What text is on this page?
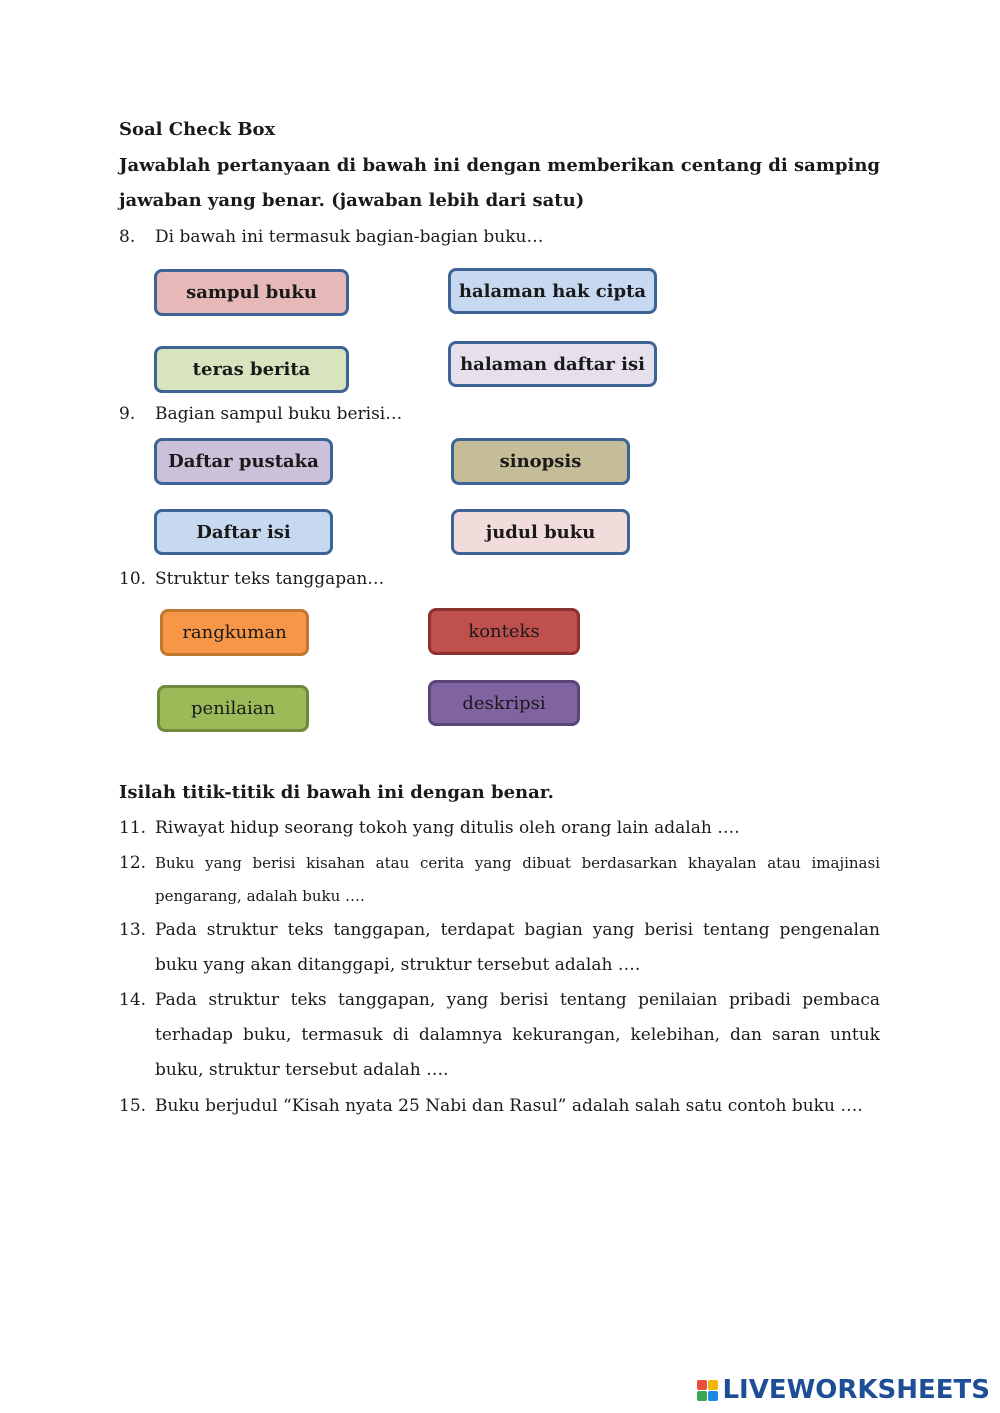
Soal Check Box
Jawablah pertanyaan di bawah ini dengan memberikan centang di samping jawaban yang benar. (jawaban lebih dari satu)
8. Di bawah ini termasuk bagian-bagian buku…
sampul buku	halaman hak cipta
teras berita	halaman daftar isi
9. Bagian sampul buku berisi…
Daftar pustaka	sinopsis
Daftar isi	judul buku
10. Struktur teks tanggapan…
rangkuman	konteks
penilaian	deskripsi
Isilah titik-titik di bawah ini dengan benar.
11. Riwayat hidup seorang tokoh yang ditulis oleh orang lain adalah ….
12. Buku yang berisi kisahan atau cerita yang dibuat berdasarkan khayalan atau imajinasi pengarang, adalah buku ….
13. Pada struktur teks tanggapan, terdapat bagian yang berisi tentang pengenalan buku yang akan ditanggapi, struktur tersebut adalah ….
14. Pada struktur teks tanggapan, yang berisi tentang penilaian pribadi pembaca terhadap buku, termasuk di dalamnya kekurangan, kelebihan, dan saran untuk buku, struktur tersebut adalah ….
15. Buku berjudul “Kisah nyata 25 Nabi dan Rasul” adalah salah satu contoh buku ….
LIVEWORKSHEETS
